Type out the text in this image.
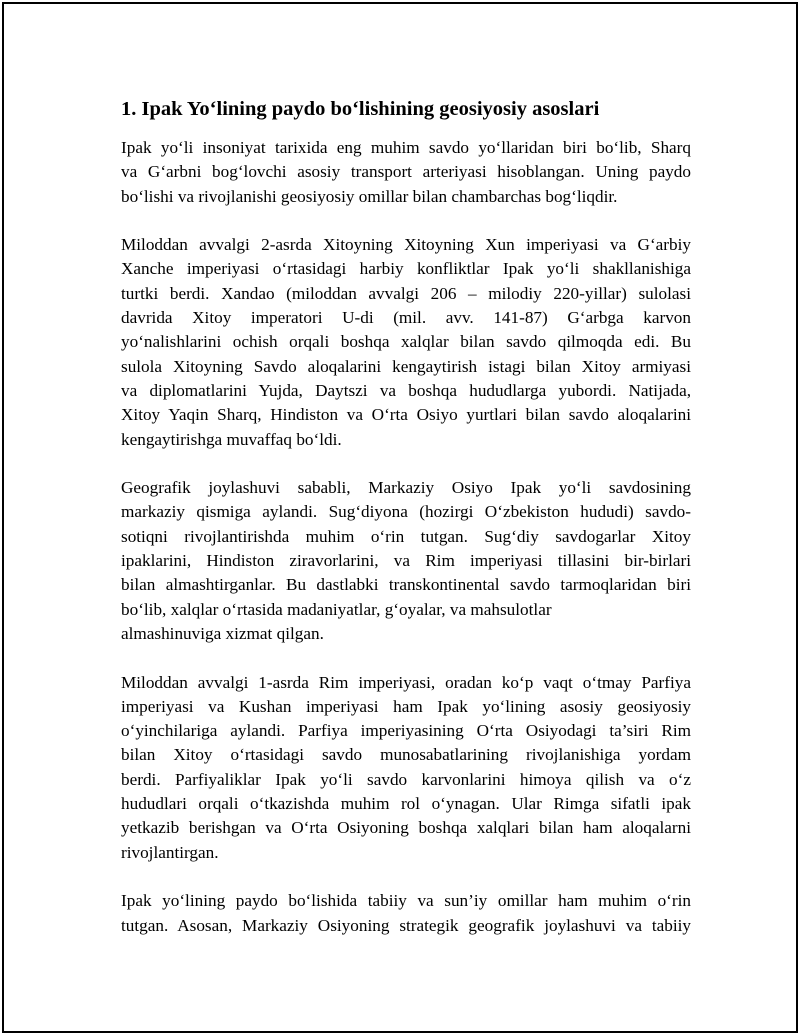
1. Ipak Yo‘lining paydo bo‘lishining geosiyosiy asoslari

Ipak yo‘li insoniyat tarixida eng muhim savdo yo‘llaridan biri bo‘lib, Sharq
va G‘arbni bog‘lovchi asosiy transport arteriyasi hisoblangan. Uning paydo
bo‘lishi va rivojlanishi geosiyosiy omillar bilan chambarchas bog‘liqdir.

Miloddan avvalgi 2-asrda Xitoyning Xitoyning Xun imperiyasi va G‘arbiy
Xanche imperiyasi o‘rtasidagi harbiy konfliktlar Ipak yo‘li shakllanishiga
turtki berdi. Xandao (miloddan avvalgi 206 – milodiy 220-yillar) sulolasi
davrida Xitoy imperatori U-di (mil. avv. 141-87) G‘arbga karvon
yo‘nalishlarini ochish orqali boshqa xalqlar bilan savdo qilmoqda edi. Bu
sulola Xitoyning Savdo aloqalarini kengaytirish istagi bilan Xitoy armiyasi
va diplomatlarini Yujda, Daytszi va boshqa hududlarga yubordi. Natijada,
Xitoy Yaqin Sharq, Hindiston va O‘rta Osiyo yurtlari bilan savdo aloqalarini
kengaytirishga muvaffaq bo‘ldi.

Geografik joylashuvi sababli, Markaziy Osiyo Ipak yo‘li savdosining
markaziy qismiga aylandi. Sug‘diyona (hozirgi O‘zbekiston hududi) savdo-
sotiqni rivojlantirishda muhim o‘rin tutgan. Sug‘diy savdogarlar Xitoy
ipaklarini, Hindiston ziravorlarini, va Rim imperiyasi tillasini bir-birlari
bilan almashtirganlar. Bu dastlabki transkontinental savdo tarmoqlaridan biri
bo‘lib, xalqlar o‘rtasida madaniyatlar, g‘oyalar, va mahsulotlar
almashinuviga xizmat qilgan.

Miloddan avvalgi 1-asrda Rim imperiyasi, oradan ko‘p vaqt o‘tmay Parfiya
imperiyasi va Kushan imperiyasi ham Ipak yo‘lining asosiy geosiyosiy
o‘yinchilariga aylandi. Parfiya imperiyasining O‘rta Osiyodagi ta’siri Rim
bilan Xitoy o‘rtasidagi savdo munosabatlarining rivojlanishiga yordam
berdi. Parfiyaliklar Ipak yo‘li savdo karvonlarini himoya qilish va o‘z
hududlari orqali o‘tkazishda muhim rol o‘ynagan. Ular Rimga sifatli ipak
yetkazib berishgan va O‘rta Osiyoning boshqa xalqlari bilan ham aloqalarni
rivojlantirgan.

Ipak yo‘lining paydo bo‘lishida tabiiy va sun’iy omillar ham muhim o‘rin
tutgan. Asosan, Markaziy Osiyoning strategik geografik joylashuvi va tabiiy
